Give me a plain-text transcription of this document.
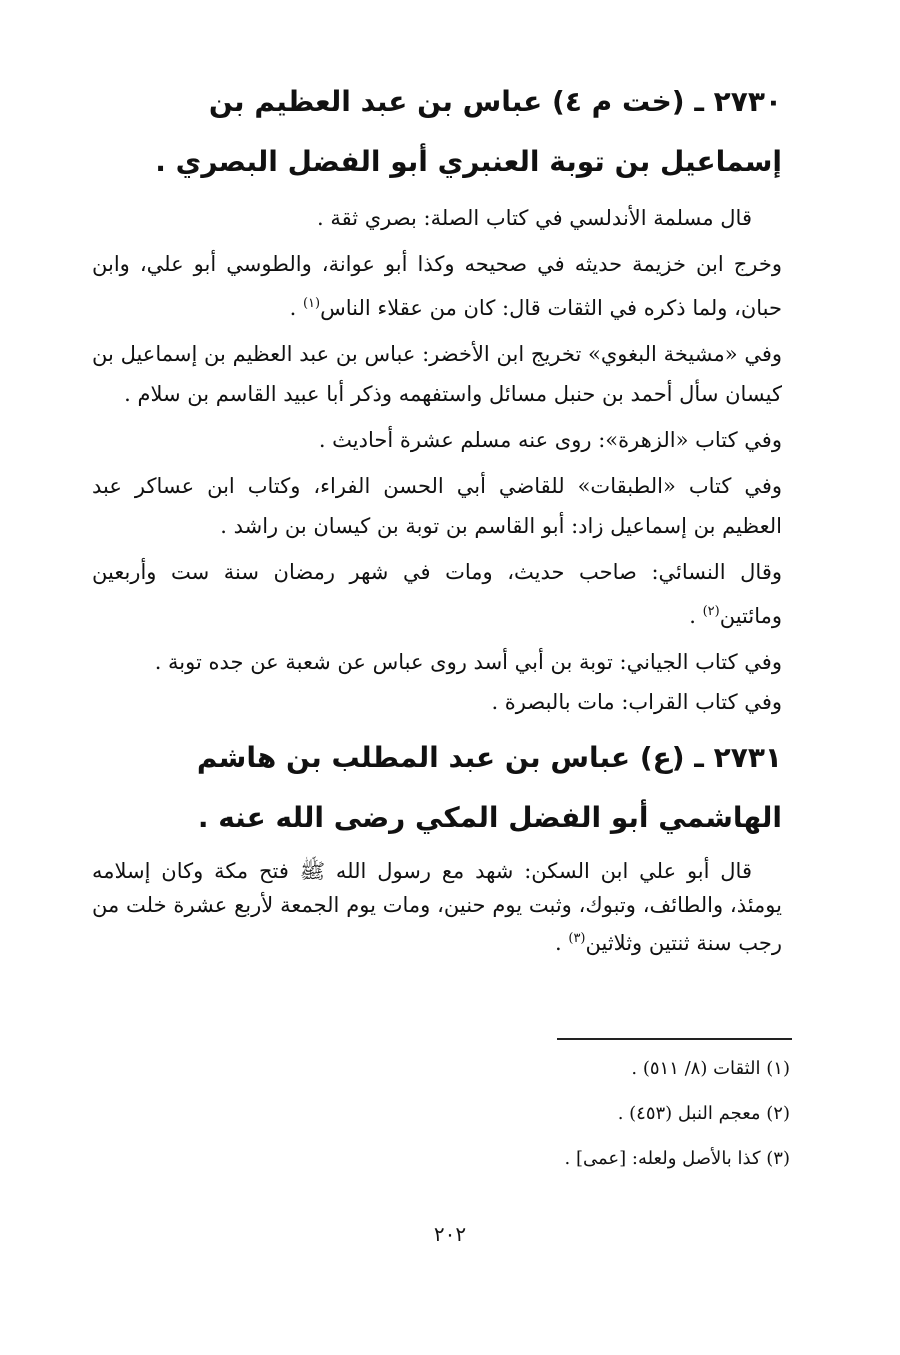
٢٧٣٠ ـ (خت م ٤) عباس بن عبد العظيم بن إسماعيل بن توبة العنبري أبو الفضل البصري .

قال مسلمة الأندلسي في كتاب الصلة: بصري ثقة .

وخرج ابن خزيمة حديثه في صحيحه وكذا أبو عوانة، والطوسي أبو علي، وابن حبان، ولما ذكره في الثقات قال: كان من عقلاء الناس$^{(١)}$ .

وفي «مشيخة البغوي» تخريج ابن الأخضر: عباس بن عبد العظيم بن إسماعيل بن كيسان سأل أحمد بن حنبل مسائل واستفهمه وذكر أبا عبيد القاسم بن سلام .

وفي كتاب «الزهرة»: روى عنه مسلم عشرة أحاديث .

وفي كتاب «الطبقات» للقاضي أبي الحسن الفراء، وكتاب ابن عساكر عبد العظيم بن إسماعيل زاد: أبو القاسم بن توبة بن كيسان بن راشد .

وقال النسائي: صاحب حديث، ومات في شهر رمضان سنة ست وأربعين ومائتين$^{(٢)}$ .

وفي كتاب الجياني: توبة بن أبي أسد روى عباس عن شعبة عن جده توبة .

وفي كتاب القراب: مات بالبصرة .

٢٧٣١ ـ (ع) عباس بن عبد المطلب بن هاشم الهاشمي أبو الفضل المكي رضى الله عنه .

قال أبو علي ابن السكن: شهد مع رسول الله ﷺ فتح مكة وكان إسلامه يومئذ، والطائف، وتبوك، وثبت يوم حنين، ومات يوم الجمعة لأربع عشرة خلت من رجب سنة ثنتين وثلاثين$^{(٣)}$ .

(١) الثقات (٨/ ٥١١) .

(٢) معجم النبل (٤٥٣) .

(٣) كذا بالأصل ولعله: [عمى] .

٢٠٢
